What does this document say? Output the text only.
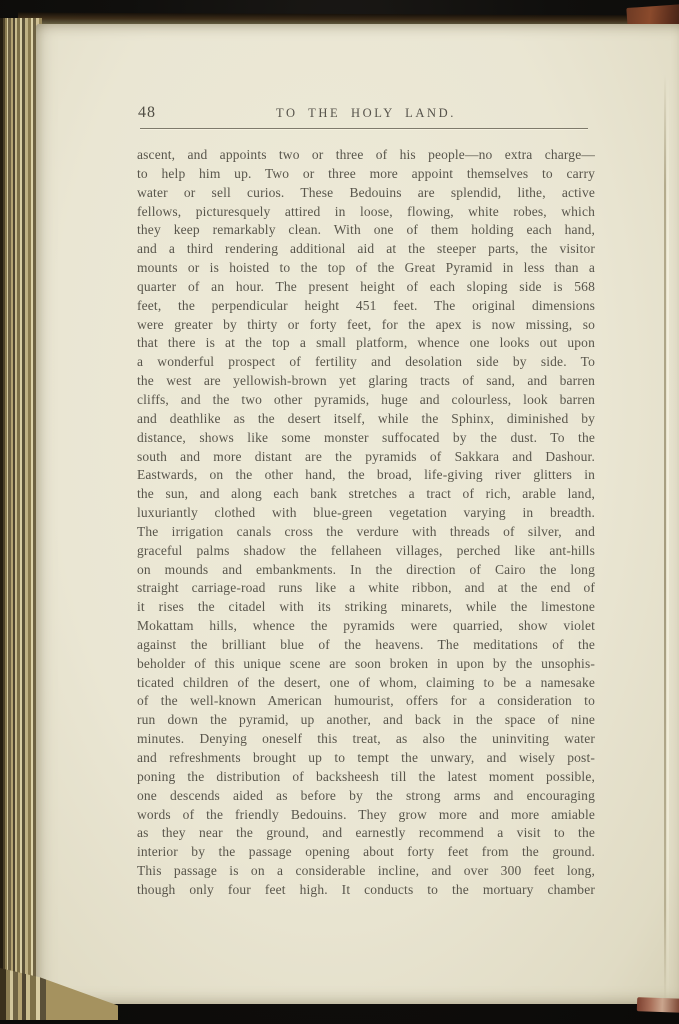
48	TO THE HOLY LAND.
ascent, and appoints two or three of his people—no extra charge—
to help him up. Two or three more appoint themselves to carry
water or sell curios. These Bedouins are splendid, lithe, active
fellows, picturesquely attired in loose, flowing, white robes, which
they keep remarkably clean. With one of them holding each hand,
and a third rendering additional aid at the steeper parts, the visitor
mounts or is hoisted to the top of the Great Pyramid in less than a
quarter of an hour. The present height of each sloping side is 568
feet, the perpendicular height 451 feet. The original dimensions
were greater by thirty or forty feet, for the apex is now missing, so
that there is at the top a small platform, whence one looks out upon
a wonderful prospect of fertility and desolation side by side. To
the west are yellowish-brown yet glaring tracts of sand, and barren
cliffs, and the two other pyramids, huge and colourless, look barren
and deathlike as the desert itself, while the Sphinx, diminished by
distance, shows like some monster suffocated by the dust. To the
south and more distant are the pyramids of Sakkara and Dashour.
Eastwards, on the other hand, the broad, life-giving river glitters in
the sun, and along each bank stretches a tract of rich, arable land,
luxuriantly clothed with blue-green vegetation varying in breadth.
The irrigation canals cross the verdure with threads of silver, and
graceful palms shadow the fellaheen villages, perched like ant-hills
on mounds and embankments. In the direction of Cairo the long
straight carriage-road runs like a white ribbon, and at the end of
it rises the citadel with its striking minarets, while the limestone
Mokattam hills, whence the pyramids were quarried, show violet
against the brilliant blue of the heavens. The meditations of the
beholder of this unique scene are soon broken in upon by the unsophis-
ticated children of the desert, one of whom, claiming to be a namesake
of the well-known American humourist, offers for a consideration to
run down the pyramid, up another, and back in the space of nine
minutes. Denying oneself this treat, as also the uninviting water
and refreshments brought up to tempt the unwary, and wisely post-
poning the distribution of backsheesh till the latest moment possible,
one descends aided as before by the strong arms and encouraging
words of the friendly Bedouins. They grow more and more amiable
as they near the ground, and earnestly recommend a visit to the
interior by the passage opening about forty feet from the ground.
This passage is on a considerable incline, and over 300 feet long,
though only four feet high. It conducts to the mortuary chamber
